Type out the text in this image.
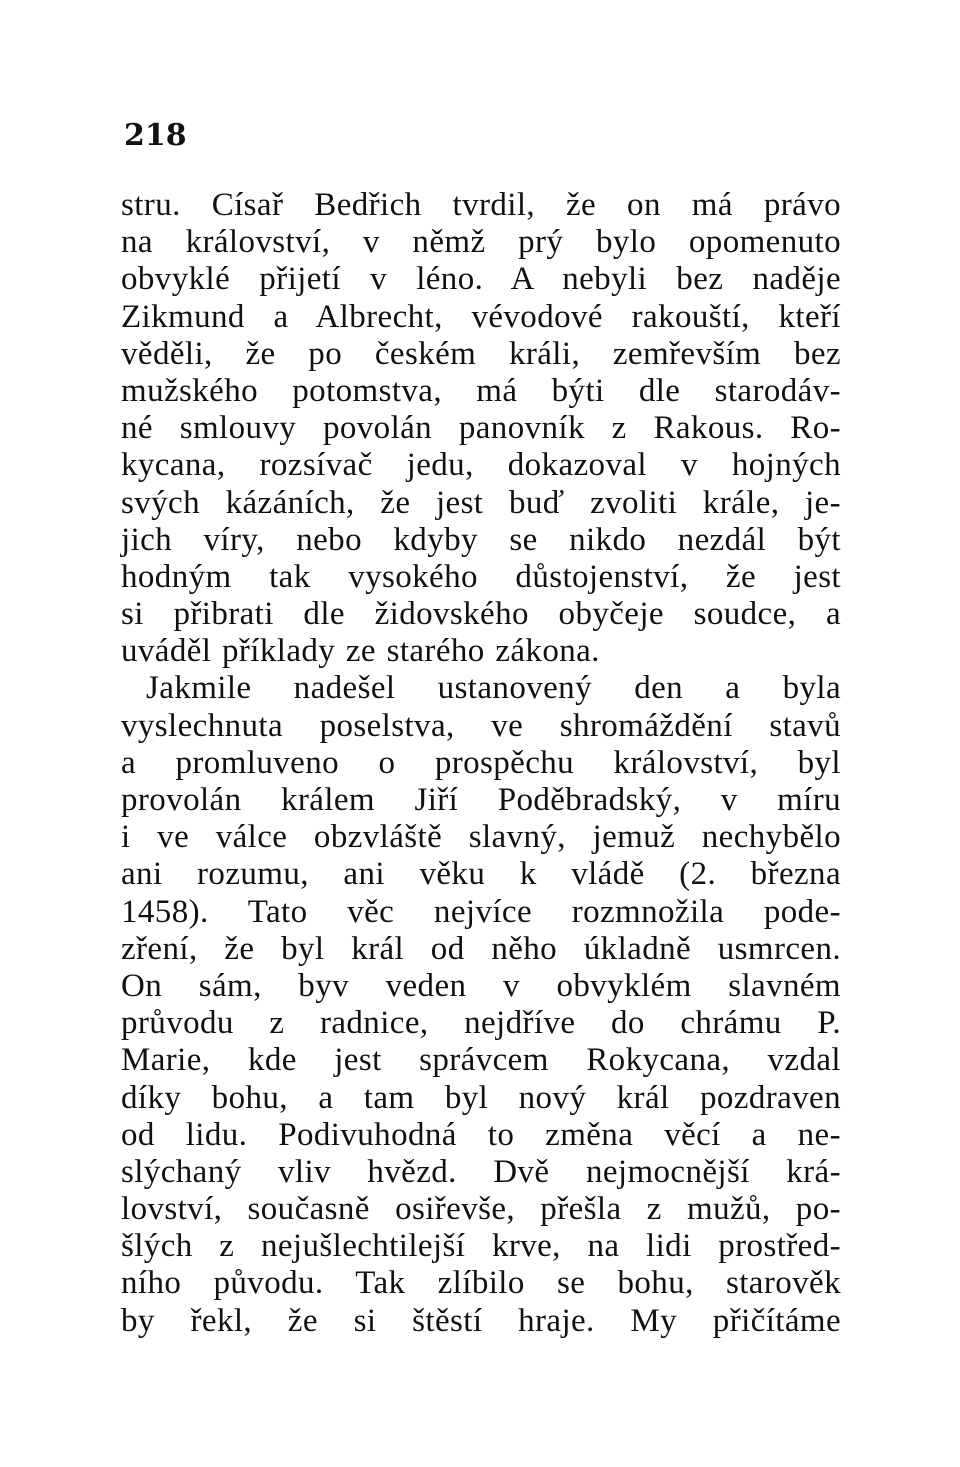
218
stru. Císař Bedřich tvrdil, že on má právo
na království, v němž prý bylo opomenuto
obvyklé přijetí v léno. A nebyli bez naděje
Zikmund a Albrecht, vévodové rakouští, kteří
věděli, že po českém králi, zemřevším bez
mužského potomstva, má býti dle starodáv-
né smlouvy povolán panovník z Rakous. Ro-
kycana, rozsívač jedu, dokazoval v hojných
svých kázáních, že jest buď zvoliti krále, je-
jich víry, nebo kdyby se nikdo nezdál být
hodným tak vysokého důstojenství, že jest
si přibrati dle židovského obyčeje soudce, a
uváděl příklady ze starého zákona.
Jakmile nadešel ustanovený den a byla
vyslechnuta poselstva, ve shromáždění stavů
a promluveno o prospěchu království, byl
provolán králem Jiří Poděbradský, v míru
i ve válce obzvláště slavný, jemuž nechybělo
ani rozumu, ani věku k vládě (2. března
1458). Tato věc nejvíce rozmnožila pode-
zření, že byl král od něho úkladně usmrcen.
On sám, byv veden v obvyklém slavném
průvodu z radnice, nejdříve do chrámu P.
Marie, kde jest správcem Rokycana, vzdal
díky bohu, a tam byl nový král pozdraven
od lidu. Podivuhodná to změna věcí a ne-
slýchaný vliv hvězd. Dvě nejmocnější krá-
lovství, současně osiřevše, přešla z mužů, po-
šlých z nejušlechtilejší krve, na lidi prostřed-
ního původu. Tak zlíbilo se bohu, starověk
by řekl, že si štěstí hraje. My přičítáme
